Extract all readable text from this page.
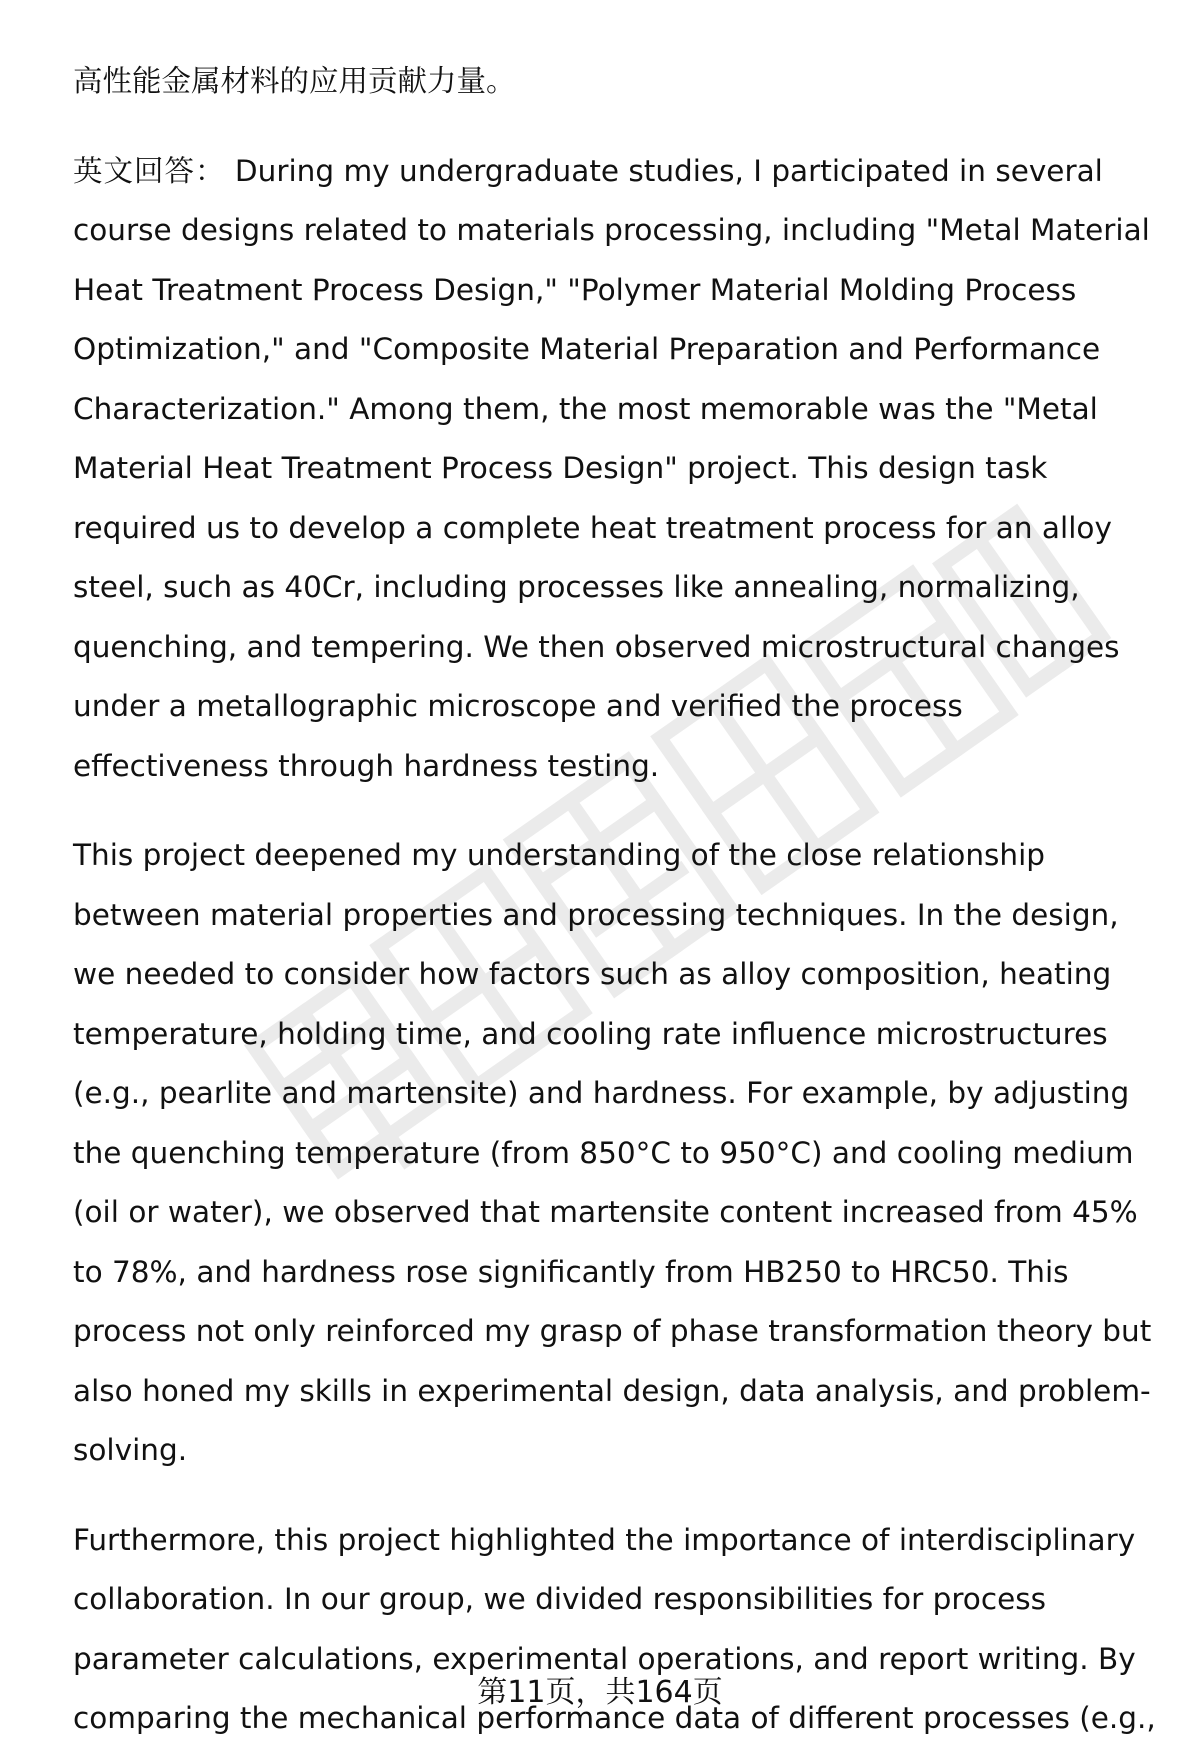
高性能金属材料的应用贡献力量。

英文回答： During my undergraduate studies, I participated in several course designs related to materials processing, including "Metal Material Heat Treatment Process Design," "Polymer Material Molding Process Optimization," and "Composite Material Preparation and Performance Characterization." Among them, the most memorable was the "Metal Material Heat Treatment Process Design" project. This design task required us to develop a complete heat treatment process for an alloy steel, such as 40Cr, including processes like annealing, normalizing, quenching, and tempering. We then observed microstructural changes under a metallographic microscope and verified the process effectiveness through hardness testing.

This project deepened my understanding of the close relationship between material properties and processing techniques. In the design, we needed to consider how factors such as alloy composition, heating temperature, holding time, and cooling rate influence microstructures (e.g., pearlite and martensite) and hardness. For example, by adjusting the quenching temperature (from 850°C to 950°C) and cooling medium (oil or water), we observed that martensite content increased from 45% to 78%, and hardness rose significantly from HB250 to HRC50. This process not only reinforced my grasp of phase transformation theory but also honed my skills in experimental design, data analysis, and problem-solving.

Furthermore, this project highlighted the importance of interdisciplinary collaboration. In our group, we divided responsibilities for process parameter calculations, experimental operations, and report writing. By comparing the mechanical performance data of different processes (e.g.,

第11页，共164页
